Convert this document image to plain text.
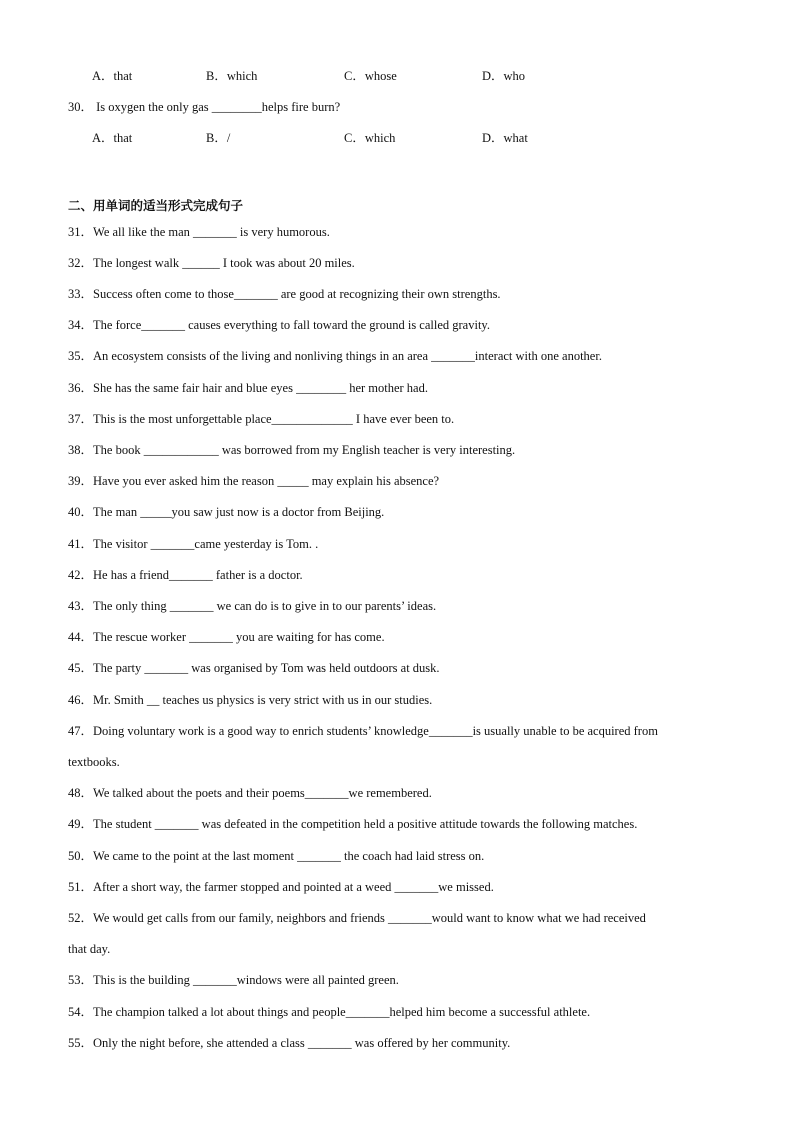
A．that	B．which	C．whose	D．who
30． Is oxygen the only gas ________helps fire burn?
A．that	B．/	C．which	D．what
二、用单词的适当形式完成句子
31．We all like the man _______ is very humorous.
32．The longest walk ______ I took was about 20 miles.
33．Success often come to those_______ are good at recognizing their own strengths.
34．The force_______ causes everything to fall toward the ground is called gravity.
35．An ecosystem consists of the living and nonliving things in an area _______interact with one another.
36．She has the same fair hair and blue eyes ________ her mother had.
37．This is the most unforgettable place_____________ I have ever been to.
38．The book ____________ was borrowed from my English teacher is very interesting.
39．Have you ever asked him the reason _____ may explain his absence?
40．The man _____you saw just now is a doctor from Beijing.
41．The visitor _______came yesterday is Tom. .
42．He has a friend_______ father is a doctor.
43．The only thing _______ we can do is to give in to our parents’ ideas.
44．The rescue worker _______ you are waiting for has come.
45．The party _______ was organised by Tom was held outdoors at dusk.
46．Mr. Smith __ teaches us physics is very strict with us in our studies.
47．Doing voluntary work is a good way to enrich students’ knowledge_______is usually unable to be acquired from
textbooks.
48．We talked about the poets and their poems_______we remembered.
49．The student _______ was defeated in the competition held a positive attitude towards the following matches.
50．We came to the point at the last moment _______ the coach had laid stress on.
51．After a short way, the farmer stopped and pointed at a weed _______we missed.
52．We would get calls from our family, neighbors and friends _______would want to know what we had received
that day.
53．This is the building _______windows were all painted green.
54．The champion talked a lot about things and people_______helped him become a successful athlete.
55．Only the night before, she attended a class _______ was offered by her community.
